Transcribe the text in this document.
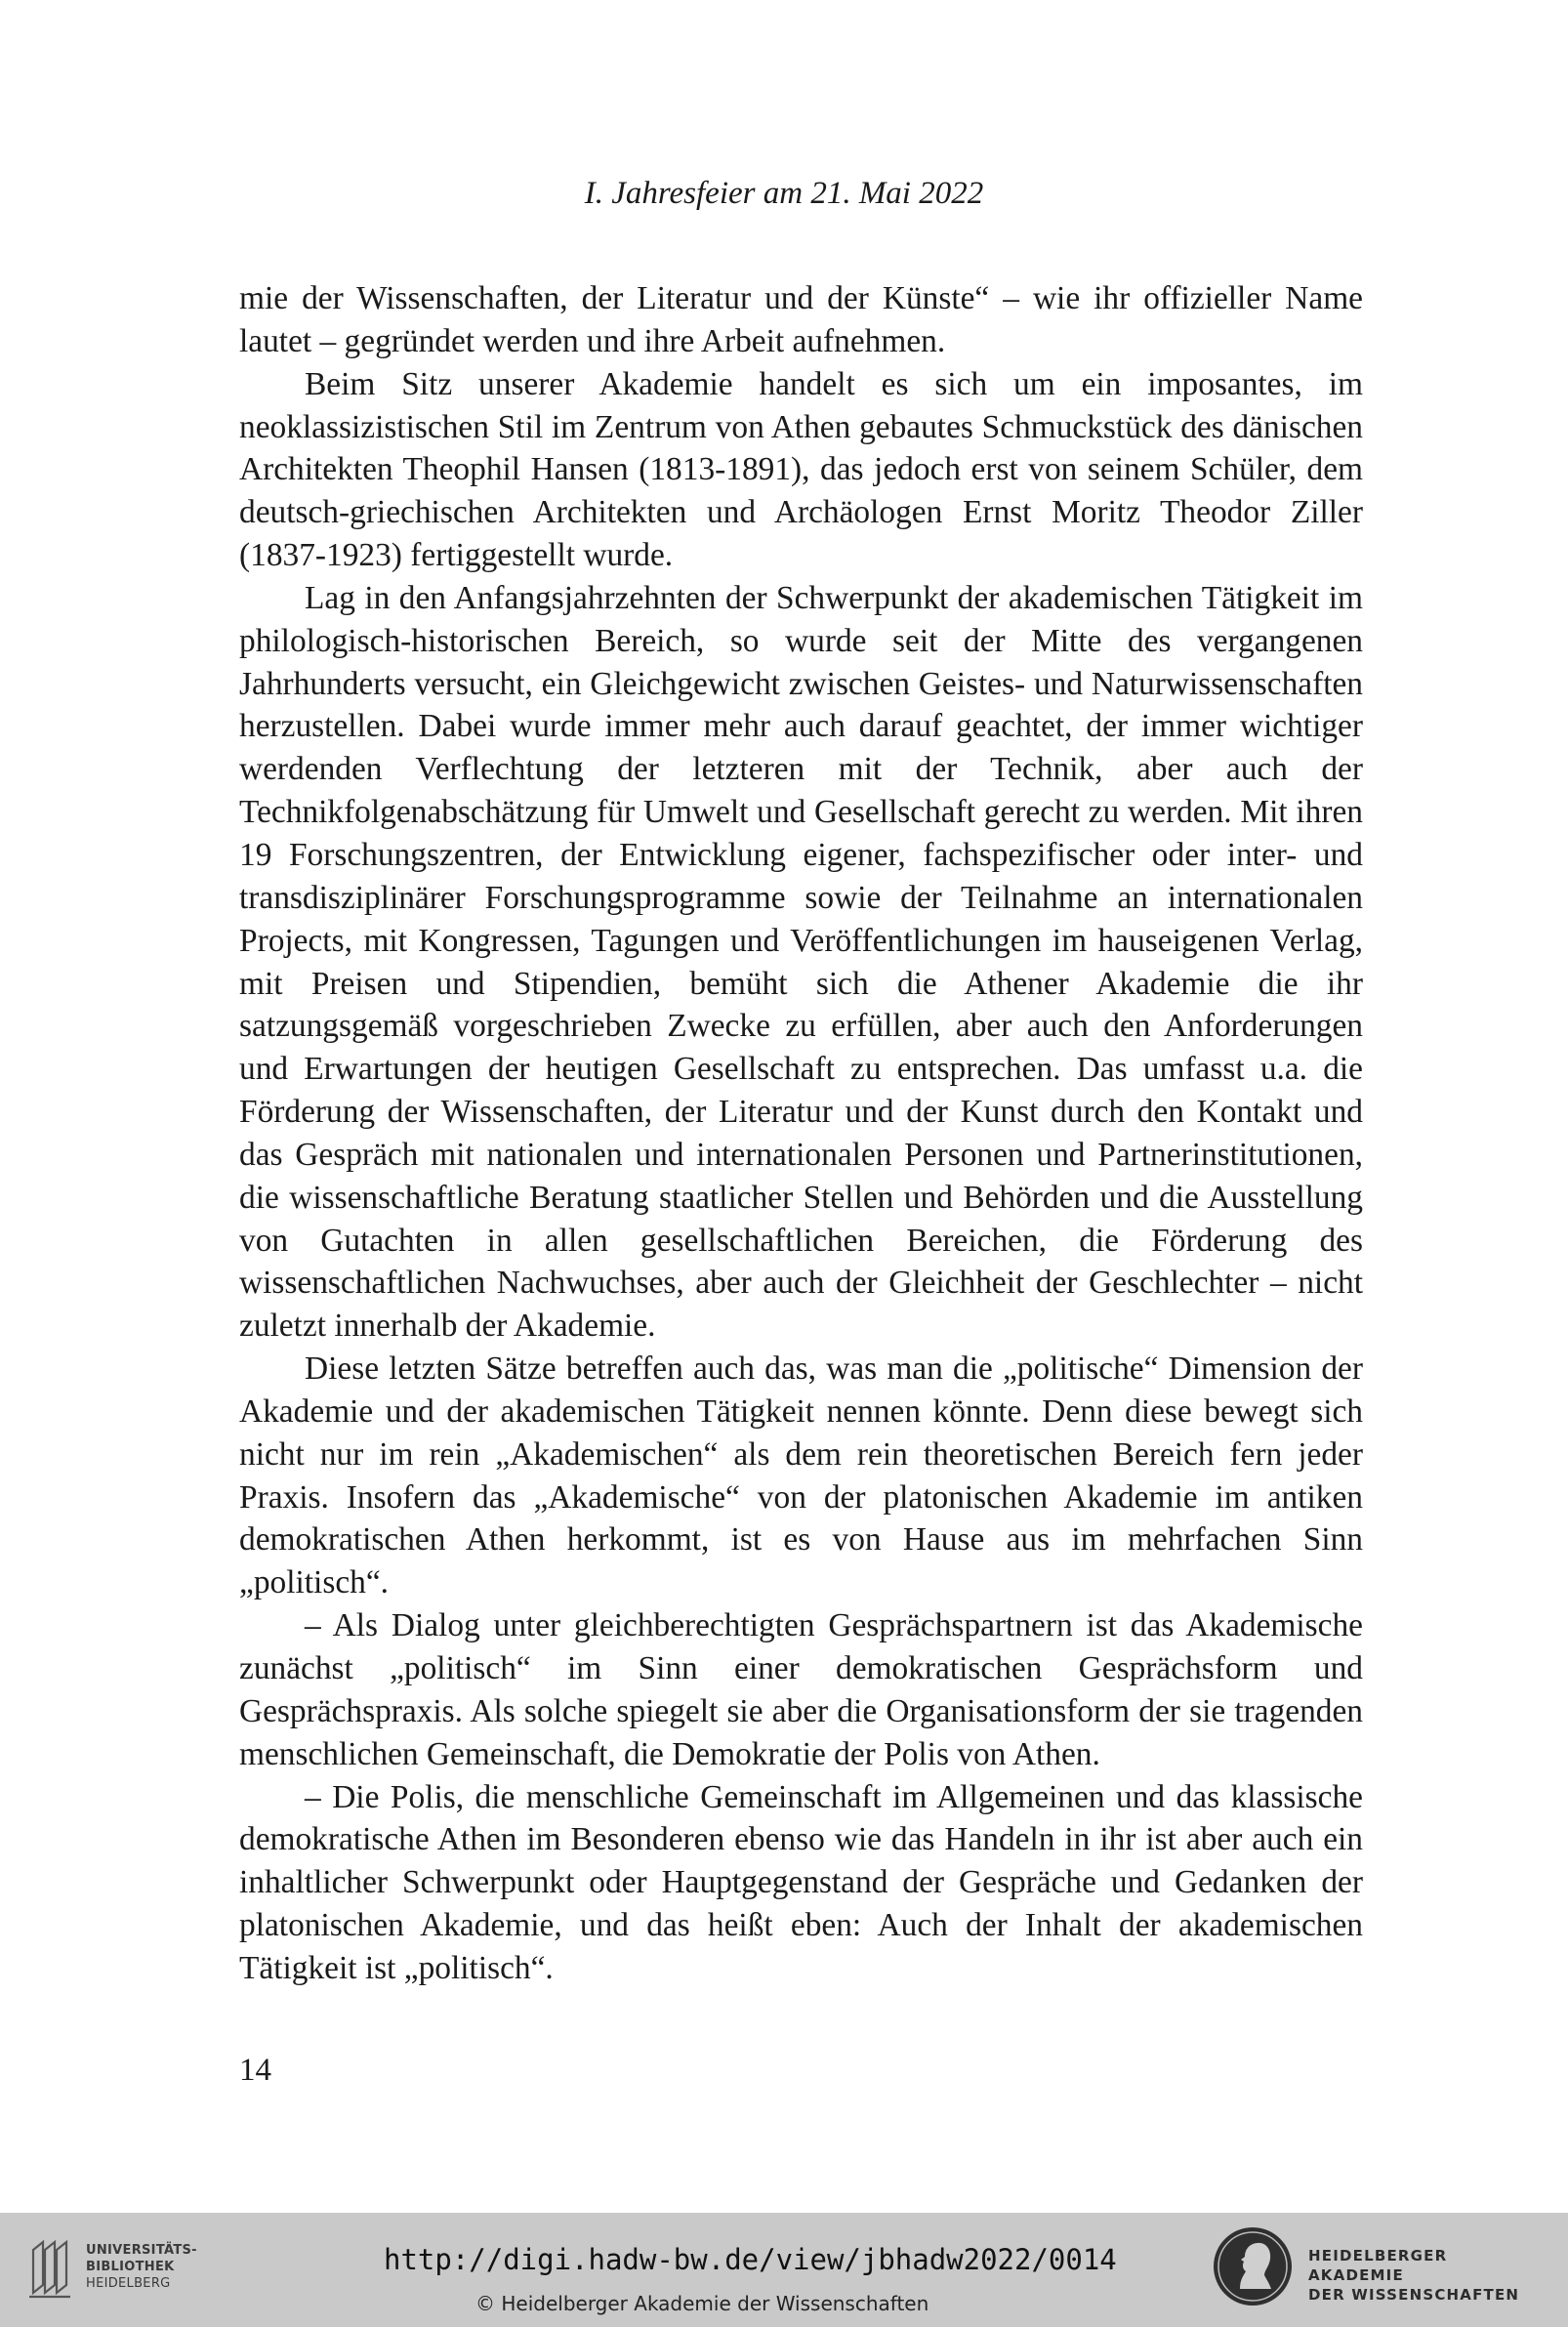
I. Jahresfeier am 21. Mai 2022

mie der Wissenschaften, der Literatur und der Künste“ – wie ihr offizieller Name lautet – gegründet werden und ihre Arbeit aufnehmen.

Beim Sitz unserer Akademie handelt es sich um ein imposantes, im neoklassizistischen Stil im Zentrum von Athen gebautes Schmuckstück des dänischen Architekten Theophil Hansen (1813-1891), das jedoch erst von seinem Schüler, dem deutsch-griechischen Architekten und Archäologen Ernst Moritz Theodor Ziller (1837-1923) fertiggestellt wurde.

Lag in den Anfangsjahrzehnten der Schwerpunkt der akademischen Tätigkeit im philologisch-historischen Bereich, so wurde seit der Mitte des vergangenen Jahrhunderts versucht, ein Gleichgewicht zwischen Geistes- und Naturwissenschaften herzustellen. Dabei wurde immer mehr auch darauf geachtet, der immer wichtiger werdenden Verflechtung der letzteren mit der Technik, aber auch der Technikfolgenabschätzung für Umwelt und Gesellschaft gerecht zu werden. Mit ihren 19 Forschungszentren, der Entwicklung eigener, fachspezifischer oder inter- und transdisziplinärer Forschungsprogramme sowie der Teilnahme an internationalen Projects, mit Kongressen, Tagungen und Veröffentlichungen im hauseigenen Verlag, mit Preisen und Stipendien, bemüht sich die Athener Akademie die ihr satzungsgemäß vorgeschrieben Zwecke zu erfüllen, aber auch den Anforderungen und Erwartungen der heutigen Gesellschaft zu entsprechen. Das umfasst u.a. die Förderung der Wissenschaften, der Literatur und der Kunst durch den Kontakt und das Gespräch mit nationalen und internationalen Personen und Partnerinstitutionen, die wissenschaftliche Beratung staatlicher Stellen und Behörden und die Ausstellung von Gutachten in allen gesellschaftlichen Bereichen, die Förderung des wissenschaftlichen Nachwuchses, aber auch der Gleichheit der Geschlechter – nicht zuletzt innerhalb der Akademie.

Diese letzten Sätze betreffen auch das, was man die „politische“ Dimension der Akademie und der akademischen Tätigkeit nennen könnte. Denn diese bewegt sich nicht nur im rein „Akademischen“ als dem rein theoretischen Bereich fern jeder Praxis. Insofern das „Akademische“ von der platonischen Akademie im antiken demokratischen Athen herkommt, ist es von Hause aus im mehrfachen Sinn „politisch“.

– Als Dialog unter gleichberechtigten Gesprächspartnern ist das Akademische zunächst „politisch“ im Sinn einer demokratischen Gesprächsform und Gesprächspraxis. Als solche spiegelt sie aber die Organisationsform der sie tragenden menschlichen Gemeinschaft, die Demokratie der Polis von Athen.

– Die Polis, die menschliche Gemeinschaft im Allgemeinen und das klassische demokratische Athen im Besonderen ebenso wie das Handeln in ihr ist aber auch ein inhaltlicher Schwerpunkt oder Hauptgegenstand der Gespräche und Gedanken der platonischen Akademie, und das heißt eben: Auch der Inhalt der akademischen Tätigkeit ist „politisch“.

14
UNIVERSITÄTS-
BIBLIOTHEK
HEIDELBERG
http://digi.hadw-bw.de/view/jbhadw2022/0014
© Heidelberger Akademie der Wissenschaften
HEIDELBERGER AKADEMIE
DER WISSENSCHAFTEN
